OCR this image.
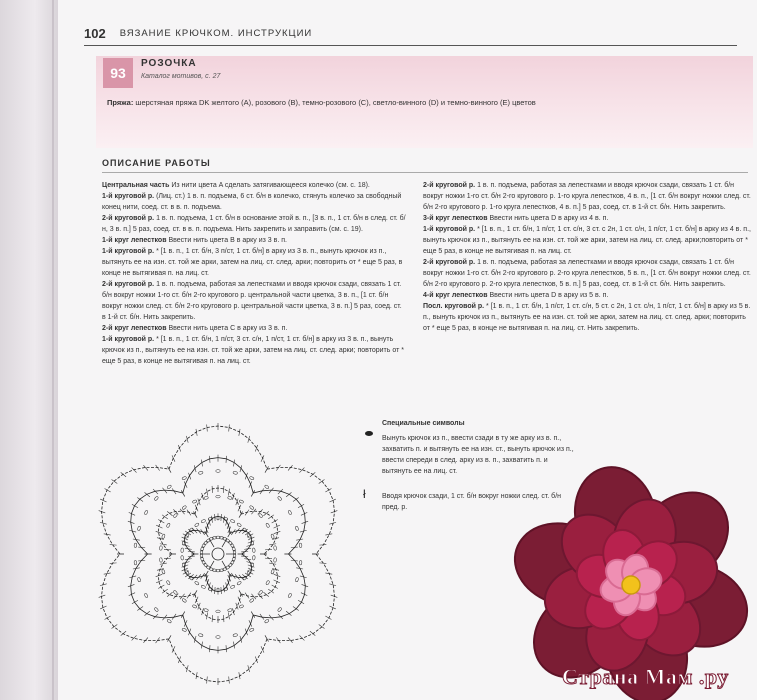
102 ВЯЗАНИЕ КРЮЧКОМ. ИНСТРУКЦИИ
93
РОЗОЧКА
Каталог мотивов, с. 27
Пряжа: шерстяная пряжа DK желтого (A), розового (B), темно-розового (C), светло-винного (D) и темно-винного (E) цветов
ОПИСАНИЕ РАБОТЫ

Центральная часть Из нити цвета A сделать затягивающееся колечко (см. с. 18).

1-й круговой р. (Лиц. ст.) 1 в. п. подъема, 6 ст. б/н в колечко, стянуть колечко за свободный конец нити, соед. ст. в в. п. подъема.

2-й круговой р. 1 в. п. подъема, 1 ст. б/н в основание этой в. п., [3 в. п., 1 ст. б/н в след. ст. б/н, 3 в. п.] 5 раз, соед. ст. в в. п. подъема. Нить закрепить и заправить (см. с. 19).

1-й круг лепестков Ввести нить цвета B в арку из 3 в. п.

1-й круговой р. * [1 в. п., 1 ст. б/н, 3 п/ст, 1 ст. б/н] в арку из 3 в. п., вынуть крючок из п., вытянуть ее на изн. ст. той же арки, затем на лиц. ст. след. арки; повторить от * еще 5 раз, в конце не вытягивая п. на лиц. ст.

2-й круговой р. 1 в. п. подъема, работая за лепестками и вводя крючок сзади, связать 1 ст. б/н вокруг ножки 1-го ст. б/н 2-го кругового р. центральной части цветка, 3 в. п., [1 ст. б/н вокруг ножки след. ст. б/н 2-го кругового р. центральной части цветка, 3 в. п.] 5 раз, соед. ст. в 1-й ст. б/н. Нить закрепить.

2-й круг лепестков Ввести нить цвета C в арку из 3 в. п.

1-й круговой р. * [1 в. п., 1 ст. б/н, 1 п/ст, 3 ст. с/н, 1 п/ст, 1 ст. б/н] в арку из 3 в. п., вынуть крючок из п., вытянуть ее на изн. ст. той же арки, затем на лиц. ст. след. арки; повторить от * еще 5 раз, в конце не вытягивая п. на лиц. ст.

2-й круговой р. 1 в. п. подъема, работая за лепестками и вводя крючок сзади, связать 1 ст. б/н вокруг ножки 1-го ст. б/н 2-го кругового р. 1-го круга лепестков, 4 в. п., [1 ст. б/н вокруг ножки след. ст. б/н 2-го кругового р. 1-го круга лепестков, 4 в. п.] 5 раз, соед. ст. в 1-й ст. б/н. Нить закрепить.

3-й круг лепестков Ввести нить цвета D в арку из 4 в. п.

1-й круговой р. * [1 в. п., 1 ст. б/н, 1 п/ст, 1 ст. с/н, 3 ст. с 2н, 1 ст. с/н, 1 п/ст, 1 ст. б/н] в арку из 4 в. п., вынуть крючок из п., вытянуть ее на изн. ст. той же арки, затем на лиц. ст. след. арки;повторить от * еще 5 раз, в конце не вытягивая п. на лиц. ст.

2-й круговой р. 1 в. п. подъема, работая за лепестками и вводя крючок сзади, связать 1 ст. б/н вокруг ножки 1-го ст. б/н 2-го кругового р. 2-го круга лепестков, 5 в. п., [1 ст. б/н вокруг ножки след. ст. б/н 2-го кругового р. 2-го круга лепестков, 5 в. п.] 5 раз, соед. ст. в 1-й ст. б/н. Нить закрепить.

4-й круг лепестков Ввести нить цвета D в арку из 5 в. п.

Посл. круговой р. * [1 в. п., 1 ст. б/н, 1 п/ст, 1 ст. с/н, 5 ст. с 2н, 1 ст. с/н, 1 п/ст, 1 ст. б/н] в арку из 5 в. п., вынуть крючок из п., вытянуть ее на изн. ст. той же арки, затем на лиц. ст. след. арки; повторить от * еще 5 раз, в конце не вытягивая п. на лиц. ст. Нить закрепить.

Специальные символы
Вынуть крючок из п., ввести сзади в ту же арку из в. п., захватить п. и вытянуть ее на изн. ст., вынуть крючок из п., ввести спереди в след. арку из в. п., захватить п. и вытянуть ее на лиц. ст.
ł Вводя крючок сзади, 1 ст. б/н вокруг ножки след. ст. б/н пред. р.
Страна Мам .ру
